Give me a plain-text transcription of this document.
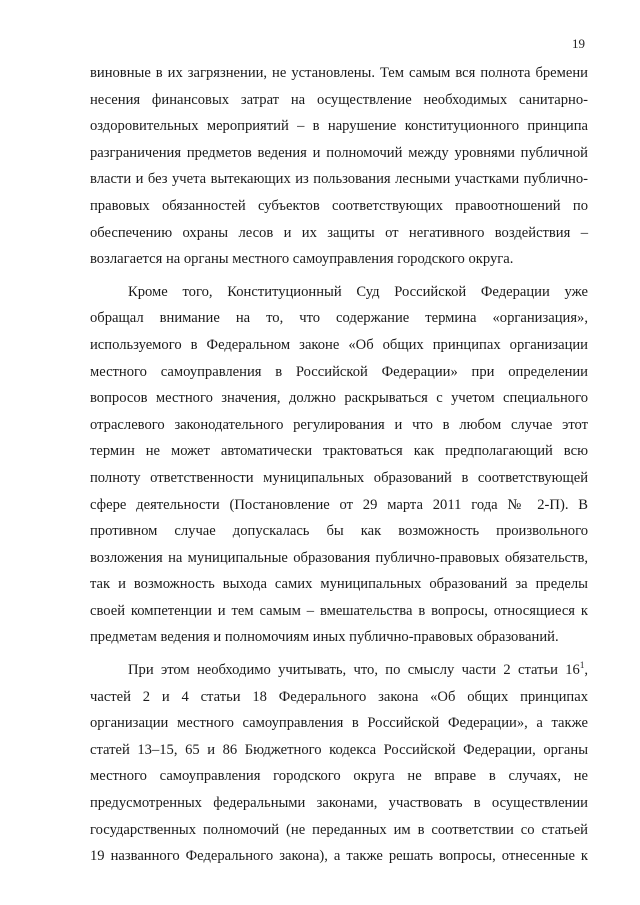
19
виновные в их загрязнении, не установлены. Тем самым вся полнота бремени
несения финансовых затрат на осуществление необходимых санитарно-
оздоровительных мероприятий – в нарушение конституционного принципа
разграничения предметов ведения и полномочий между уровнями публичной
власти и без учета вытекающих из пользования лесными участками публично-
правовых обязанностей субъектов соответствующих правоотношений по
обеспечению охраны лесов и их защиты от негативного воздействия –
возлагается на органы местного самоуправления городского округа.
Кроме того, Конституционный Суд Российской Федерации уже
обращал внимание на то, что содержание термина «организация»,
используемого в Федеральном законе «Об общих принципах организации
местного самоуправления в Российской Федерации» при определении
вопросов местного значения, должно раскрываться с учетом специального
отраслевого законодательного регулирования и что в любом случае этот
термин не может автоматически трактоваться как предполагающий всю
полноту ответственности муниципальных образований в соответствующей
сфере деятельности (Постановление от 29 марта 2011 года № 2-П). В
противном случае допускалась бы как возможность произвольного
возложения на муниципальные образования публично-правовых обязательств,
так и возможность выхода самих муниципальных образований за пределы
своей компетенции и тем самым – вмешательства в вопросы, относящиеся к
предметам ведения и полномочиям иных публично-правовых образований.
При этом необходимо учитывать, что, по смыслу части 2 статьи $16^1$,
частей 2 и 4 статьи 18 Федерального закона «Об общих принципах
организации местного самоуправления в Российской Федерации», а также
статей 13–15, 65 и 86 Бюджетного кодекса Российской Федерации, органы
местного самоуправления городского округа не вправе в случаях, не
предусмотренных федеральными законами, участвовать в осуществлении
государственных полномочий (не переданных им в соответствии со статьей
19 названного Федерального закона), а также решать вопросы, отнесенные к
